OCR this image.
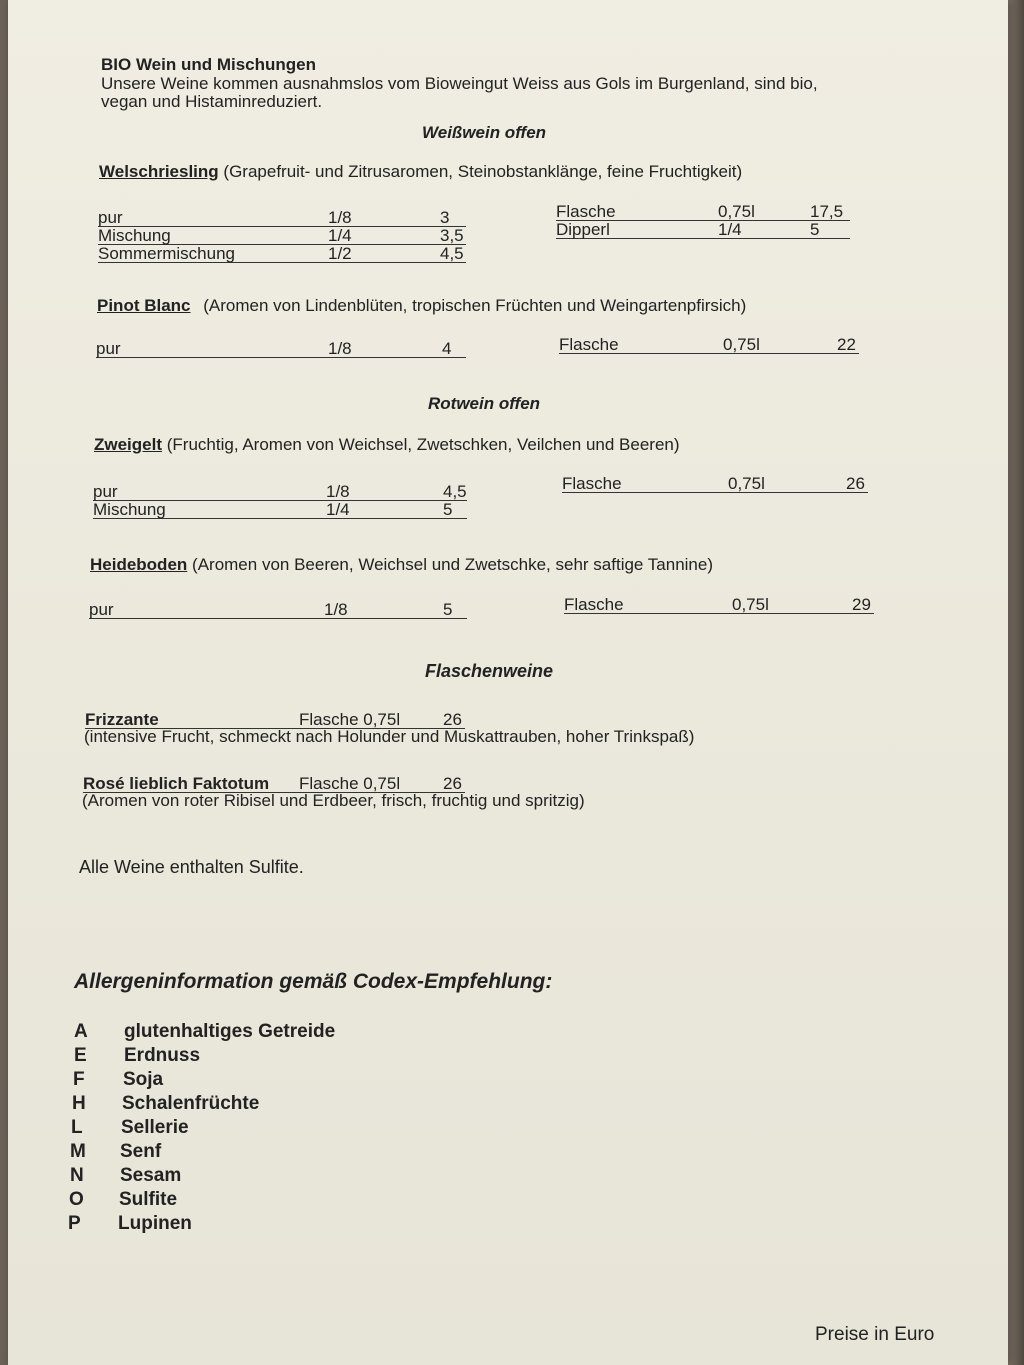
BIO Wein und Mischungen
Unsere Weine kommen ausnahmslos vom Bioweingut Weiss aus Gols im Burgenland, sind bio,
vegan und Histaminreduziert.
Weißwein offen
Welschriesling (Grapefruit- und Zitrusaromen, Steinobstanklänge, feine Fruchtigkeit)
pur	1/8	3
Mischung	1/4	3,5
Sommermischung	1/2	4,5
Flasche	0,75l	17,5
Dipperl	1/4	5
Pinot Blanc (Aromen von Lindenblüten, tropischen Früchten und Weingartenpfirsich)
pur	1/8	4	Flasche	0,75l	22
Rotwein offen
Zweigelt (Fruchtig, Aromen von Weichsel, Zwetschken, Veilchen und Beeren)
pur	1/8	4,5
Mischung	1/4	5
Flasche	0,75l	26
Heideboden (Aromen von Beeren, Weichsel und Zwetschke, sehr saftige Tannine)
pur	1/8	5	Flasche	0,75l	29
Flaschenweine
Frizzante	Flasche 0,75l	26
(intensive Frucht, schmeckt nach Holunder und Muskattrauben, hoher Trinkspaß)
Rosé lieblich Faktotum Flasche 0,75l	26
(Aromen von roter Ribisel und Erdbeer, frisch, fruchtig und spritzig)
Alle Weine enthalten Sulfite.
Allergeninformation gemäß Codex-Empfehlung:
A glutenhaltiges Getreide
E Erdnuss
F Soja
H Schalenfrüchte
L Sellerie
M Senf
N Sesam
O Sulfite
P Lupinen
Preise in Euro
